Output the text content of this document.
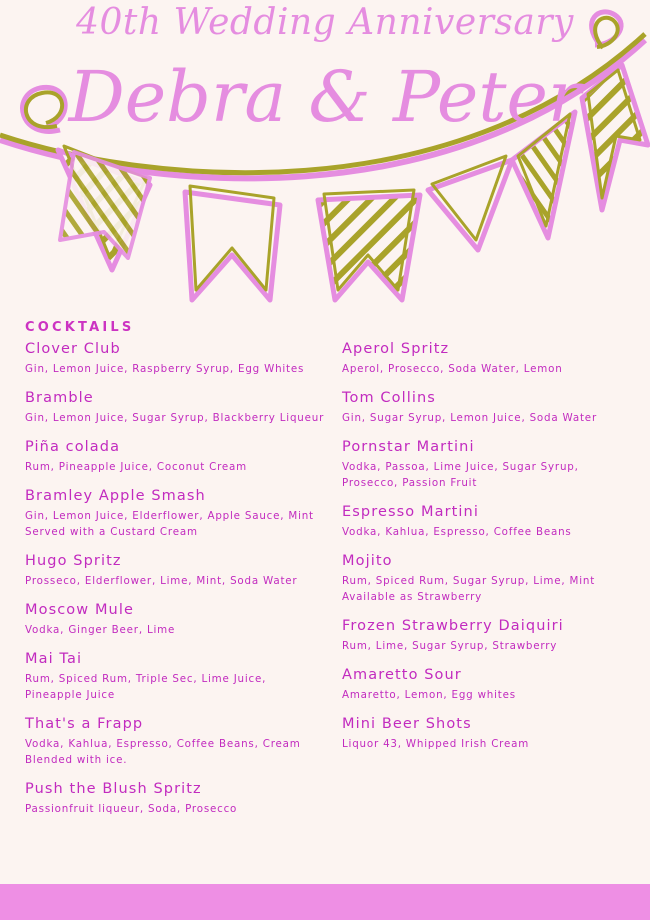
40th Wedding Anniversary
Debra & Peter
COCKTAILS
Clover Club
Gin, Lemon Juice, Raspberry Syrup, Egg Whites
Bramble
Gin, Lemon Juice, Sugar Syrup, Blackberry Liqueur
Piña colada
Rum, Pineapple Juice, Coconut Cream
Bramley Apple Smash
Gin, Lemon Juice, Elderflower, Apple Sauce, Mint
Served with a Custard Cream
Hugo Spritz
Prosseco, Elderflower, Lime, Mint, Soda Water
Moscow Mule
Vodka, Ginger Beer, Lime
Mai Tai
Rum, Spiced Rum, Triple Sec, Lime Juice,
Pineapple Juice
That's a Frapp
Vodka, Kahlua, Espresso, Coffee Beans, Cream
Blended with ice.
Push the Blush Spritz
Passionfruit liqueur, Soda, Prosecco
Aperol Spritz
Aperol, Prosecco, Soda Water, Lemon
Tom Collins
Gin, Sugar Syrup, Lemon Juice, Soda Water
Pornstar Martini
Vodka, Passoa, Lime Juice, Sugar Syrup,
Prosecco, Passion Fruit
Espresso Martini
Vodka, Kahlua, Espresso, Coffee Beans
Mojito
Rum, Spiced Rum, Sugar Syrup, Lime, Mint
Available as Strawberry
Frozen Strawberry Daiquiri
Rum, Lime, Sugar Syrup, Strawberry
Amaretto Sour
Amaretto, Lemon, Egg whites
Mini Beer Shots
Liquor 43, Whipped Irish Cream
